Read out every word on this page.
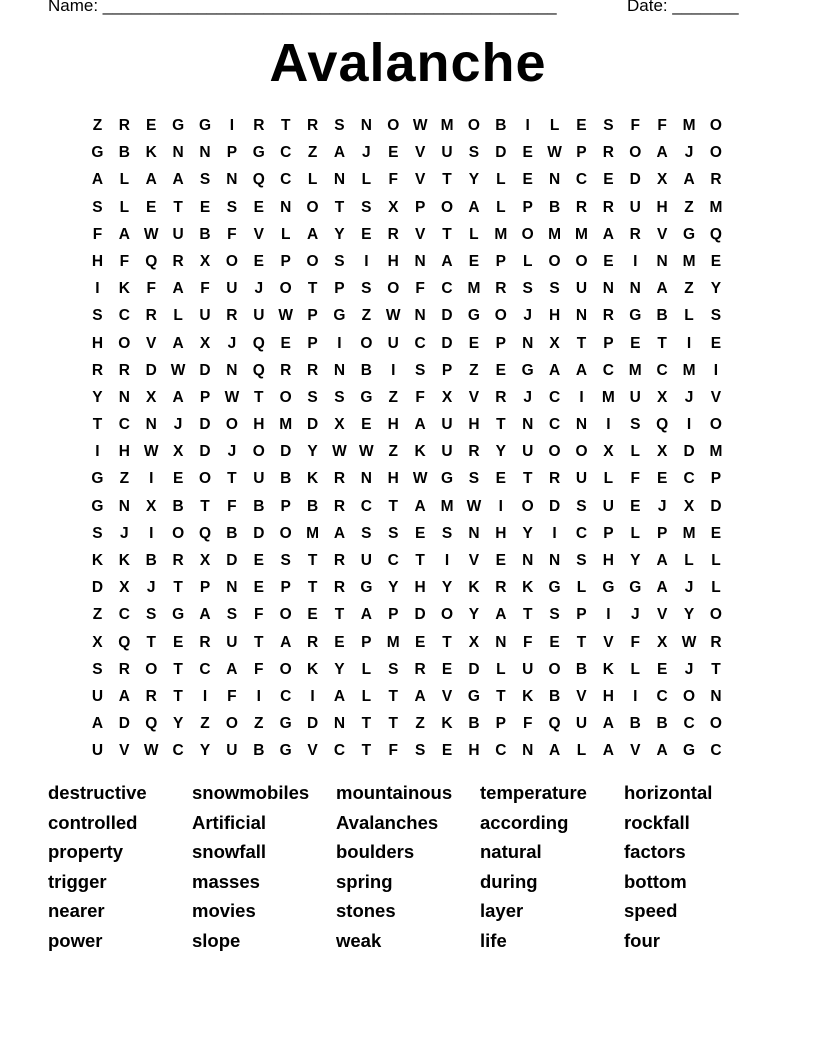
Name: ________________________________________________	Date: _______
Avalanche
Z	R	E	G G	I	R	T	R	S	N O W M O B	I	L	E	S	F	F	M O
G B	K	N	N	P	G C	Z	A	J	E	V	U	S	D	E W P	R O A	J	O
A	L	A	A	S	N Q C	L	N	L	F	V	T	Y	L	E	N	C	E	D	X	A	R
S	L	E	T	E	S	E	N O	T	S	X	P	O A	L	P	B	R	R	U	H	Z	M
F	A W U	B	F	V	L	A	Y	E	R	V	T	L	M O M M A	R	V	G Q
H	F	Q R	X	O	E	P	O	S	I	H	N	A	E	P	L	O O	E	I	N M E
I	K	F	A	F	U	J	O	T	P	S	O	F	C M R	S	S	U	N	N	A	Z	Y
S	C	R	L	U	R	U W P	G	Z W N	D G O	J	H	N	R G B	L	S
H O	V	A	X	J	Q	E	P	I	O U	C	D	E	P	N	X	T	P	E	T	I	E
R	R	D W D	N Q R	R	N	B	I	S	P	Z	E	G A	A	C M C M	I
Y	N	X	A	P W T	O	S	S	G	Z	F	X	V	R	J	C	I	M U	X	J	V
T	C	N	J	D O H M D	X	E	H	A	U	H	T	N	C	N	I	S	Q	I	O
I	H W X	D	J	O D	Y W W Z	K	U	R	Y	U O O	X	L	X	D M
G	Z	I	E	O	T	U	B	K	R	N	H W G	S	E	T	R	U	L	F	E	C	P
G N	X	B	T	F	B	P	B	R	C	T	A M W	I	O D	S	U	E	J	X	D
S	J	I	O Q B	D O M A	S	S	E	S	N	H	Y	I	C	P	L	P M E
K	K	B	R	X	D	E	S	T	R	U	C	T	I	V	E	N	N	S	H	Y	A	L	L
D	X	J	T	P	N	E	P	T	R G	Y	H	Y	K	R	K G	L	G G A	J	L
Z	C	S	G A	S	F	O	E	T	A	P	D O	Y	A	T	S	P	I	J	V	Y	O
X	Q	T	E	R	U	T	A	R	E	P M E	T	X	N	F	E	T	V	F	X W R
S	R O	T	C	A	F	O K	Y	L	S	R	E	D	L	U O B	K	L	E	J	T
U	A	R	T	I	F	I	C	I	A	L	T	A	V	G	T	K	B	V	H	I	C O N
A	D Q	Y	Z	O	Z	G D	N	T	T	Z	K	B	P	F	Q U	A	B	B	C O
U	V W C	Y	U	B G	V	C	T	F	S	E	H	C	N	A	L	A	V	A G C
destructive	snowmobiles	mountainous	temperature	horizontal
controlled	Artificial	Avalanches	according	rockfall
property	snowfall	boulders	natural	factors
trigger	masses	spring	during	bottom
nearer	movies	stones	layer	speed
power	slope	weak	life	four
